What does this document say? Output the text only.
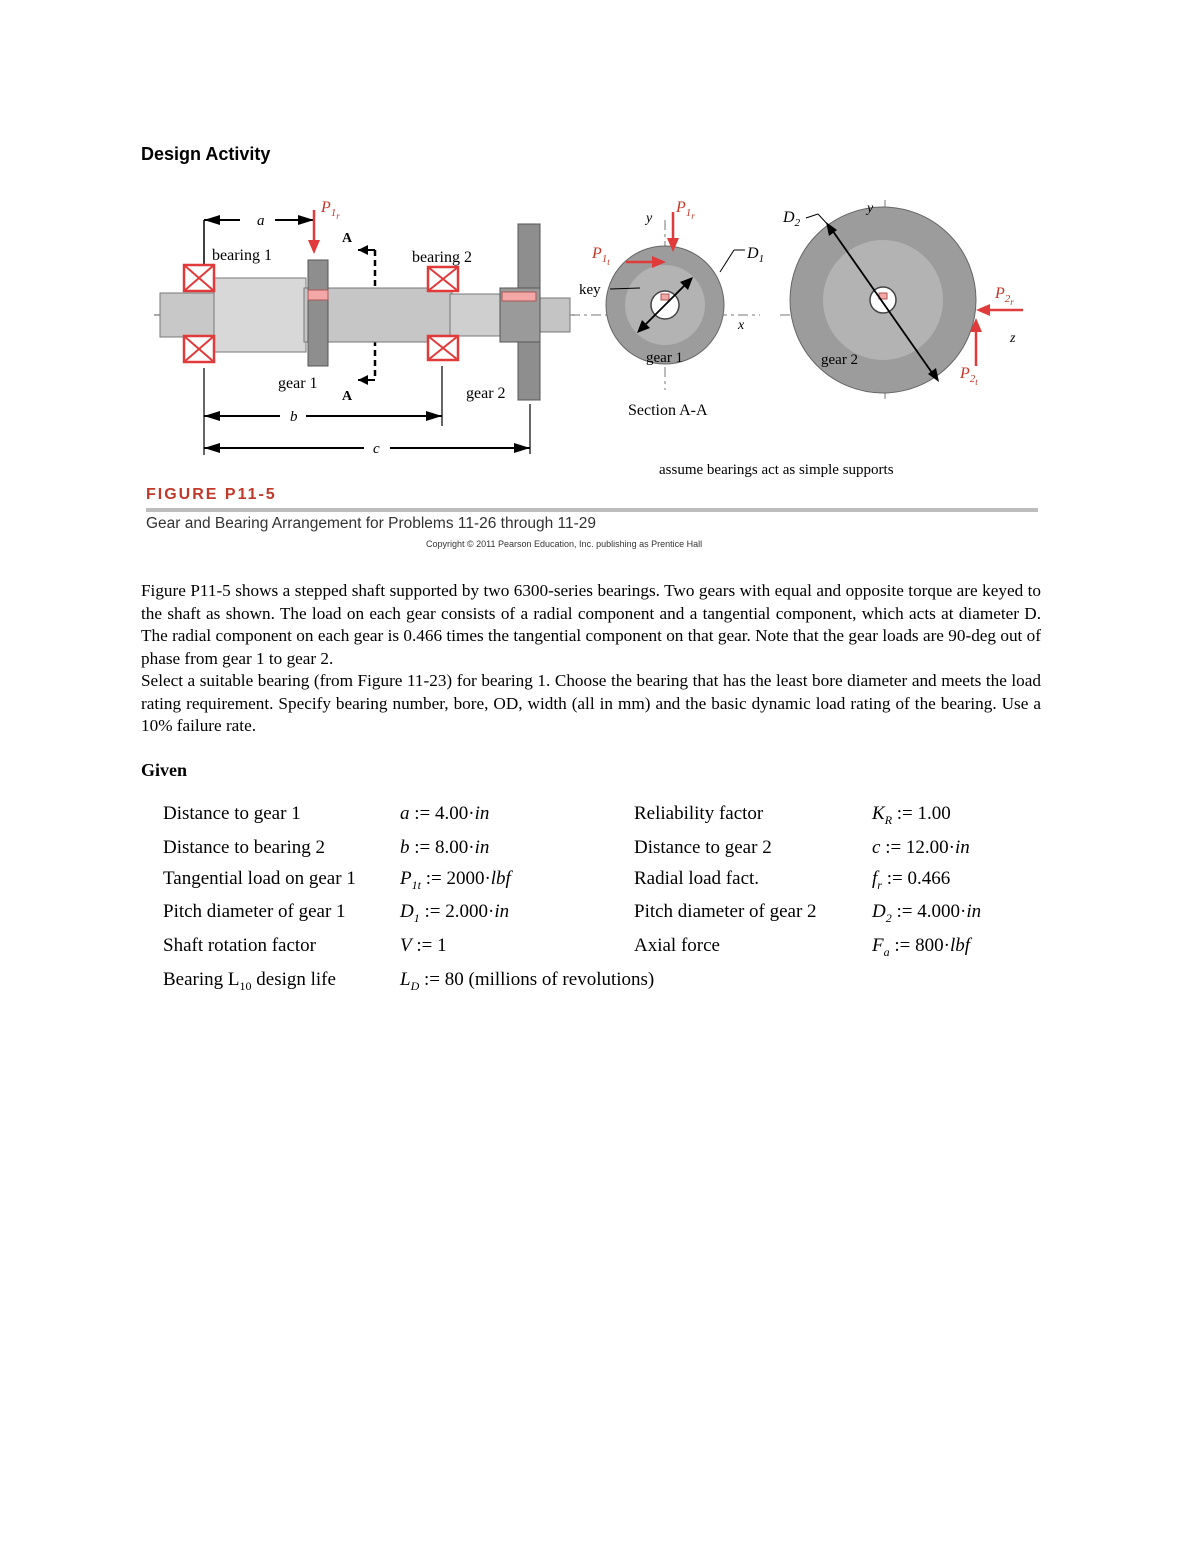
Design Activity
a
$P_1r$
A
A
bearing 1	bearing 2
gear 1
gear 2
b
c
gear 1
$P_1r$
y
$P_1t$
key
x
$D_1$
Section A-A
gear 2
$D_2$
y
$P_2r$
z
$P_2t$
assume bearings act as simple supports
FIGURE P11-5
Gear and Bearing Arrangement for Problems 11-26 through 11-29
Copyright © 2011 Pearson Education, Inc. publishing as Prentice Hall
Figure P11-5 shows a stepped shaft supported by two 6300-series bearings. Two gears with equal and opposite torque are keyed to the shaft as shown. The load on each gear consists of a radial component and a tangential component, which acts at diameter D. The radial component on each gear is 0.466 times the tangential component on that gear. Note that the gear loads are 90-deg out of phase from gear 1 to gear 2.
Select a suitable bearing (from Figure 11-23) for bearing 1. Choose the bearing that has the least bore diameter and meets the load rating requirement. Specify bearing number, bore, OD, width (all in mm) and the basic dynamic load rating of the bearing. Use a 10% failure rate.
Given
Distance to gear 1	a := 4.00·in	Reliability factor	$K_R$ := 1.00
Distance to bearing 2	b := 8.00·in	Distance to gear 2	c := 12.00·in
Tangential load on gear 1 $P_{1t}$ := 2000·lbf	Radial load fact.	$f_r$ := 0.466
Pitch diameter of gear 1	$D_1$ := 2.000·in	Pitch diameter of gear 2	$D_2$ := 4.000·in
Shaft rotation factor	V := 1	Axial force	$F_a$ := 800·lbf
Bearing $L_{10}$ design life	$L_D$ := 80 (millions of revolutions)
